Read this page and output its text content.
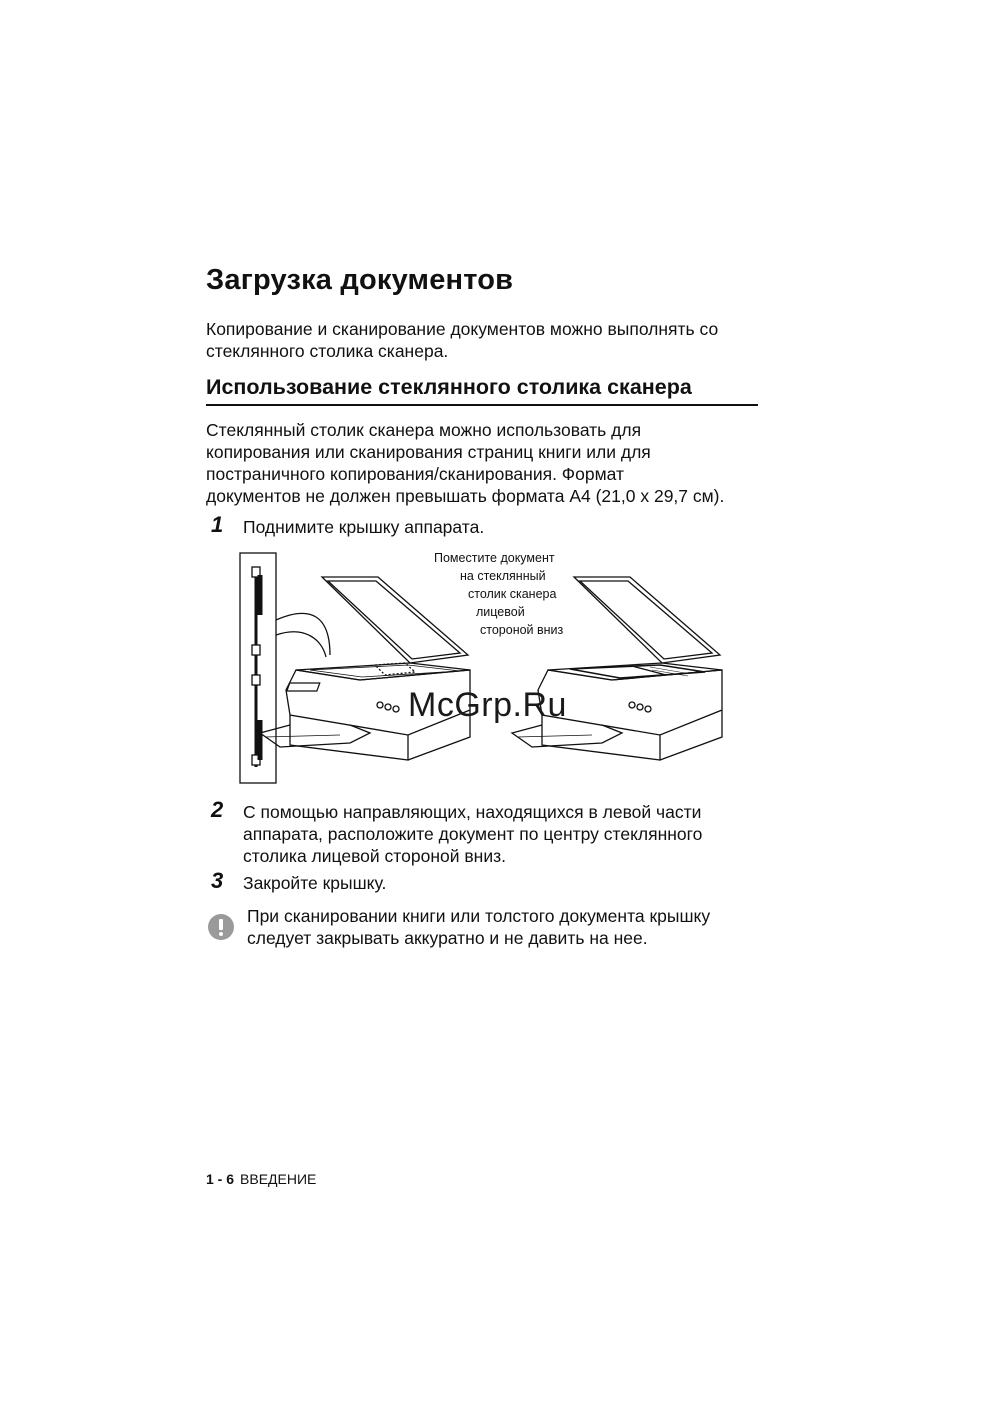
Загрузка документов
Копирование и сканирование документов можно выполнять со
стеклянного столика сканера.
Использование стеклянного столика сканера
Стеклянный столик сканера можно использовать для
копирования или сканирования страниц книги или для
постраничного копирования/сканирования. Формат
документов не должен превышать формата A4 (21,0 x 29,7 см).
1 Поднимите крышку аппарата.
Поместите документ
на стеклянный
столик сканера
лицевой
стороной вниз
McGrp.Ru
2 С помощью направляющих, находящихся в левой части
аппарата, расположите документ по центру стеклянного
столика лицевой стороной вниз.
3 Закройте крышку.
При сканировании книги или толстого документа крышку
следует закрывать аккуратно и не давить на нее.
1 - 6 ВВЕДЕНИЕ
